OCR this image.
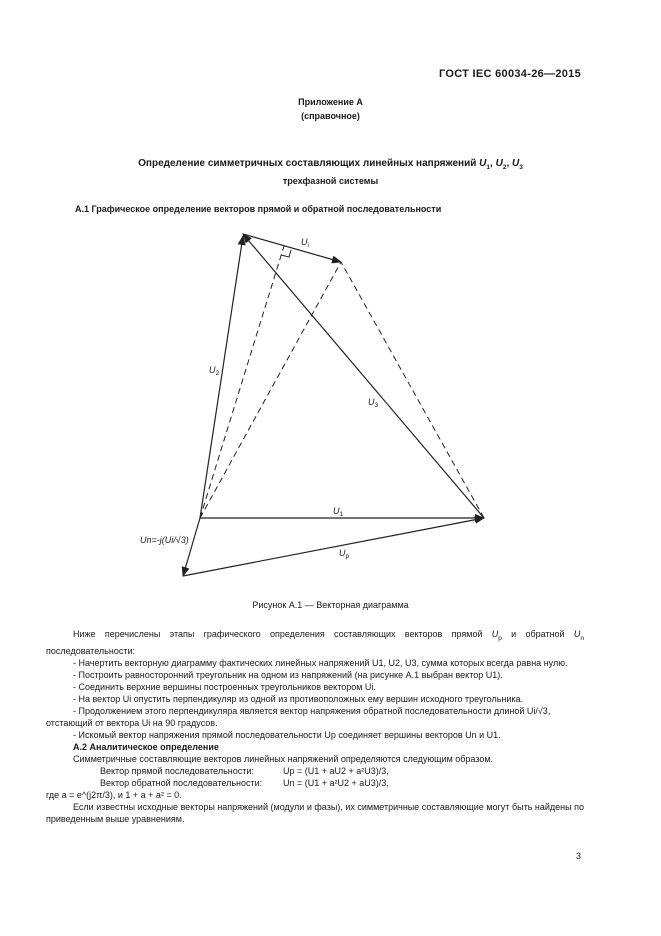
ГОСТ IEC 60034-26—2015
Приложение А
(справочное)
Определение симметричных составляющих линейных напряжений $U_1$, $U_2$, $U_3$
трехфазной системы
А.1 Графическое определение векторов прямой и обратной последовательности
$U_1$
$U_2$
$U_3$
$U_i$
$U_p$
Un=-j(Ui/√3)
Рисунок А.1 — Векторная диаграмма

Ниже перечислены этапы графического определения составляющих векторов прямой $U_p$ и обратной $U_n$ последовательности:

- Начертить векторную диаграмму фактических линейных напряжений U1, U2, U3, сумма которых всегда равна нулю.

- Построить равносторонний треугольник на одном из напряжений (на рисунке А.1 выбран вектор U1).

- Соединить верхние вершины построенных треугольников вектором Ui.

- На вектор Ui опустить перпендикуляр из одной из противоположных ему вершин исходного треугольника.

- Продолжением этого перпендикуляра является вектор напряжения обратной последовательности длиной Ui/√3, отстающий от вектора Ui на 90 градусов.

- Искомый вектор напряжения прямой последовательности Up соединяет вершины векторов Un и U1.

А.2 Аналитическое определение

Симметричные составляющие векторов линейных напряжений определяются следующим образом.

Вектор прямой последовательности:	Up = (U1 + aU2 + a²U3)/3,

Вектор обратной последовательности: Un = (U1 + a²U2 + aU3)/3,

где a = e^(j2π/3), и 1 + a + a² = 0.

Если известны исходные векторы напряжений (модули и фазы), их симметричные составляющие могут быть найдены по приведенным выше уравнениям.

3
